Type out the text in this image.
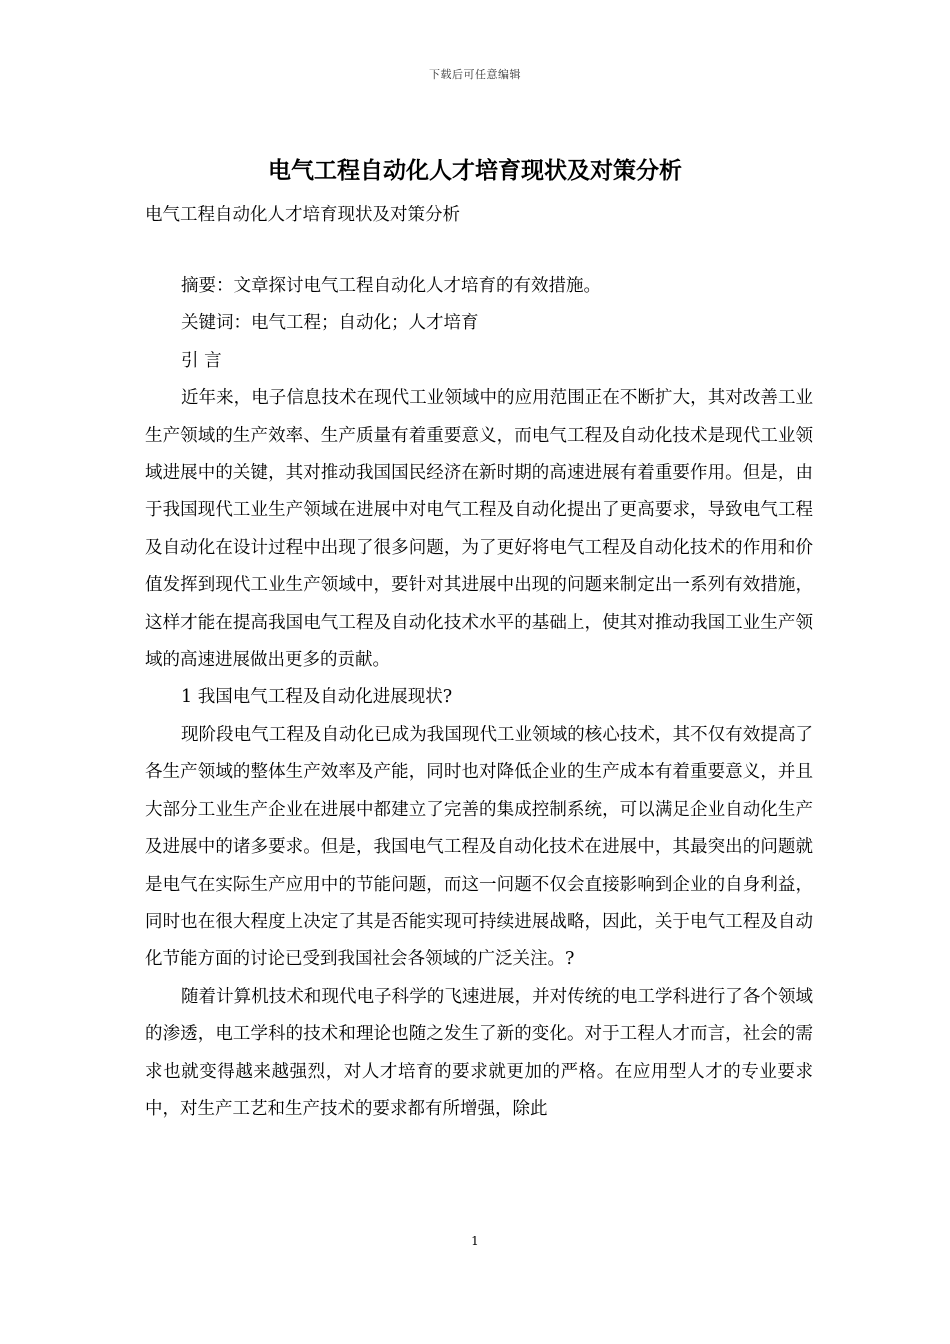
下载后可任意编辑
电气工程自动化人才培育现状及对策分析
电气工程自动化人才培育现状及对策分析

摘要：文章探讨电气工程自动化人才培育的有效措施。

关键词：电气工程；自动化；人才培育

引 言

近年来，电子信息技术在现代工业领域中的应用范围正在不断扩大，其对改善工业生产领域的生产效率、生产质量有着重要意义，而电气工程及自动化技术是现代工业领域进展中的关键，其对推动我国国民经济在新时期的高速进展有着重要作用。但是，由于我国现代工业生产领域在进展中对电气工程及自动化提出了更高要求，导致电气工程及自动化在设计过程中出现了很多问题，为了更好将电气工程及自动化技术的作用和价值发挥到现代工业生产领域中，要针对其进展中出现的问题来制定出一系列有效措施，这样才能在提高我国电气工程及自动化技术水平的基础上，使其对推动我国工业生产领域的高速进展做出更多的贡献。

1 我国电气工程及自动化进展现状?

现阶段电气工程及自动化已成为我国现代工业领域的核心技术，其不仅有效提高了各生产领域的整体生产效率及产能，同时也对降低企业的生产成本有着重要意义，并且大部分工业生产企业在进展中都建立了完善的集成控制系统，可以满足企业自动化生产及进展中的诸多要求。但是，我国电气工程及自动化技术在进展中，其最突出的问题就是电气在实际生产应用中的节能问题，而这一问题不仅会直接影响到企业的自身利益，同时也在很大程度上决定了其是否能实现可持续进展战略，因此，关于电气工程及自动化节能方面的讨论已受到我国社会各领域的广泛关注。?

随着计算机技术和现代电子科学的飞速进展，并对传统的电工学科进行了各个领域的渗透，电工学科的技术和理论也随之发生了新的变化。对于工程人才而言，社会的需求也就变得越来越强烈，对人才培育的要求就更加的严格。在应用型人才的专业要求中，对生产工艺和生产技术的要求都有所增强，除此

1
